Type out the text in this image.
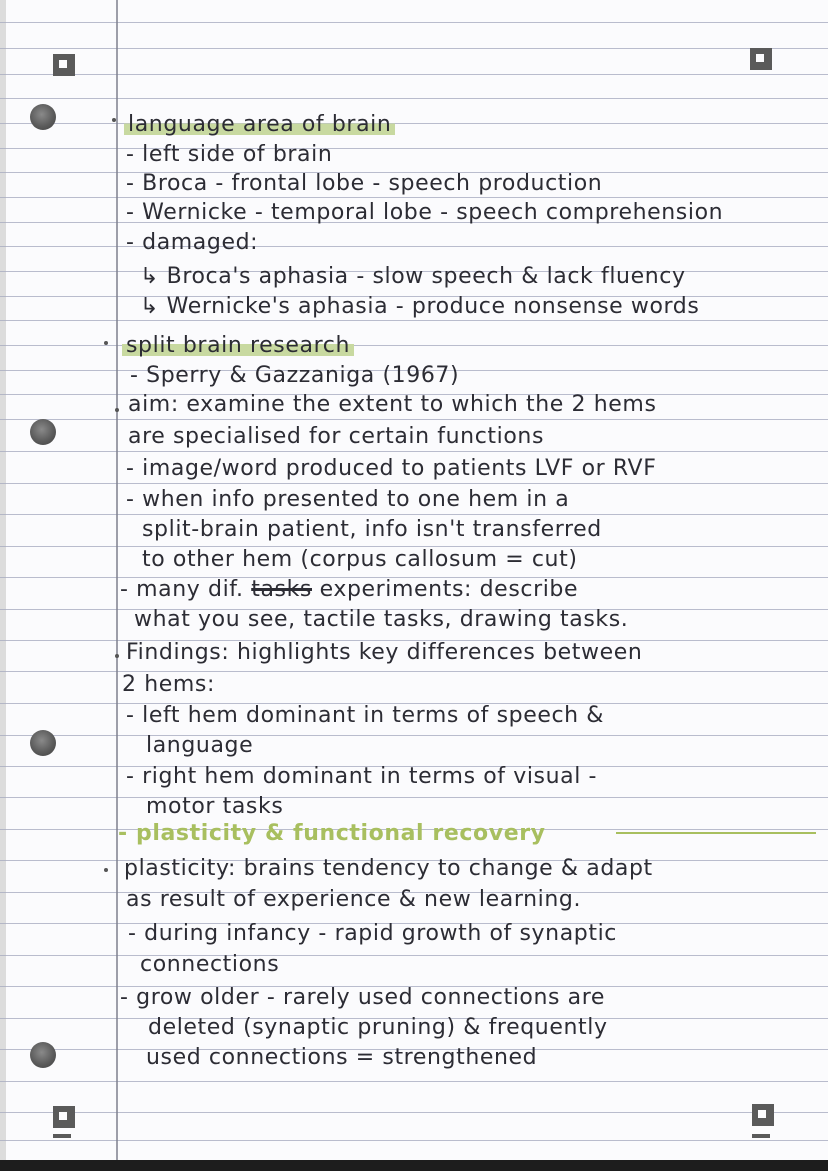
language area of brain
- left side of brain
- Broca - frontal lobe - speech production
- Wernicke - temporal lobe - speech comprehension
- damaged:
↳ Broca's aphasia - slow speech & lack fluency
↳ Wernicke's aphasia - produce nonsense words
split brain research
- Sperry & Gazzaniga (1967)
aim: examine the extent to which the 2 hems
are specialised for certain functions
- image/word produced to patients LVF or RVF
- when info presented to one hem in a
split-brain patient, info isn't transferred
to other hem (corpus callosum = cut)
- many dif. tasks experiments: describe
what you see, tactile tasks, drawing tasks.
Findings: highlights key differences between
2 hems:
- left hem dominant in terms of speech &
language
- right hem dominant in terms of visual -
motor tasks
- plasticity & functional recovery
plasticity: brains tendency to change & adapt
as result of experience & new learning.
- during infancy - rapid growth of synaptic
connections
- grow older - rarely used connections are
deleted (synaptic pruning) & frequently
used connections = strengthened
